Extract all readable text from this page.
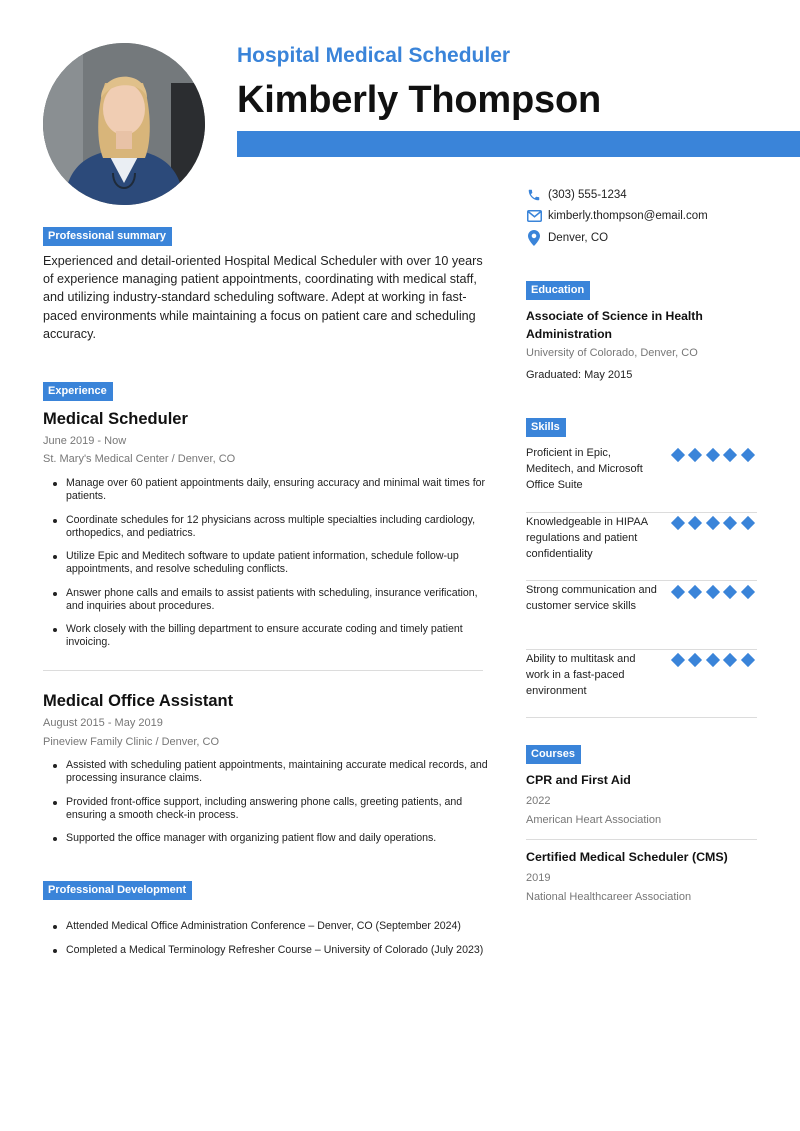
Hospital Medical Scheduler
Kimberly Thompson
(303) 555-1234
kimberly.thompson@email.com
Denver, CO
Professional summary
Experienced and detail-oriented Hospital Medical Scheduler with over 10 years of experience managing patient appointments, coordinating with medical staff, and utilizing industry-standard scheduling software. Adept at working in fast-paced environments while maintaining a focus on patient care and scheduling accuracy.
Experience
Medical Scheduler
June 2019 - Now
St. Mary's Medical Center / Denver, CO
Manage over 60 patient appointments daily, ensuring accuracy and minimal wait times for patients.
Coordinate schedules for 12 physicians across multiple specialties including cardiology, orthopedics, and pediatrics.
Utilize Epic and Meditech software to update patient information, schedule follow-up appointments, and resolve scheduling conflicts.
Answer phone calls and emails to assist patients with scheduling, insurance verification, and inquiries about procedures.
Work closely with the billing department to ensure accurate coding and timely patient invoicing.
Medical Office Assistant
August 2015 - May 2019
Pineview Family Clinic / Denver, CO
Assisted with scheduling patient appointments, maintaining accurate medical records, and processing insurance claims.
Provided front-office support, including answering phone calls, greeting patients, and ensuring a smooth check-in process.
Supported the office manager with organizing patient flow and daily operations.
Professional Development
Attended Medical Office Administration Conference – Denver, CO (September 2024)
Completed a Medical Terminology Refresher Course – University of Colorado (July 2023)
Education
Associate of Science in Health Administration
University of Colorado, Denver, CO
Graduated: May 2015
Skills
Proficient in Epic, Meditech, and Microsoft Office Suite
Knowledgeable in HIPAA regulations and patient confidentiality
Strong communication and customer service skills
Ability to multitask and work in a fast-paced environment
Courses
CPR and First Aid
2022
American Heart Association
Certified Medical Scheduler (CMS)
2019
National Healthcareer Association
